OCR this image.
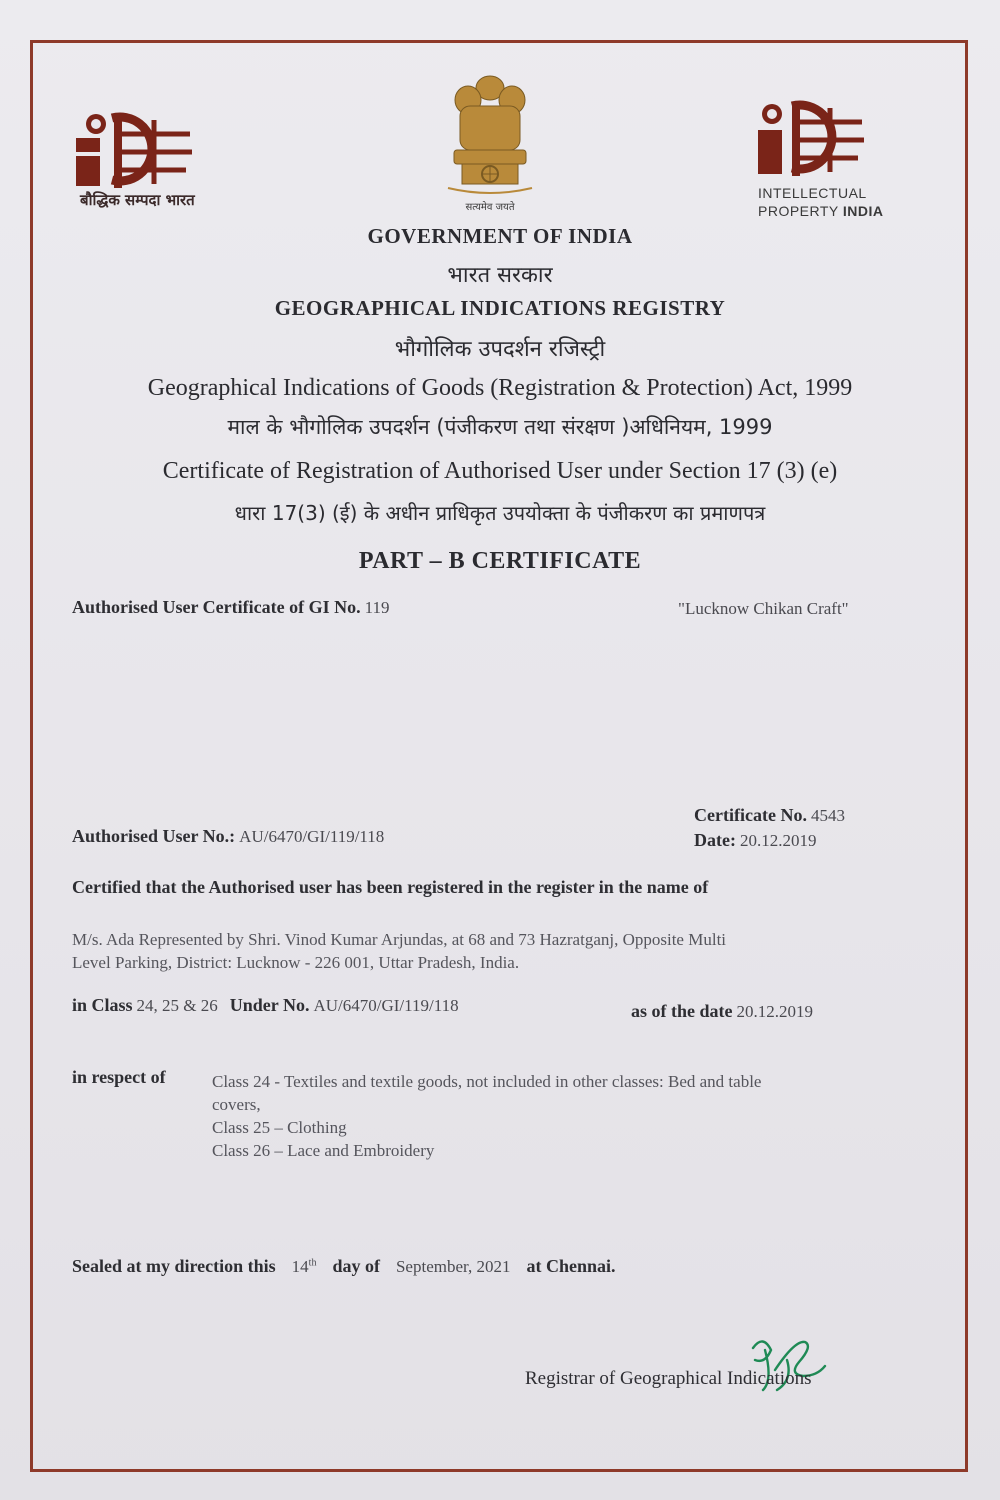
बौद्धिक सम्पदा भारत	सत्यमेव जयते
INTELLECTUAL
PROPERTY INDIA
GOVERNMENT OF INDIA
भारत सरकार
GEOGRAPHICAL INDICATIONS REGISTRY
भौगोलिक उपदर्शन रजिस्ट्री
Geographical Indications of Goods (Registration & Protection) Act, 1999
माल के भौगोलिक उपदर्शन (पंजीकरण तथा संरक्षण )अधिनियम, 1999
Certificate of Registration of Authorised User under Section 17 (3) (e)
धारा 17(3) (ई) के अधीन प्राधिकृत उपयोक्ता के पंजीकरण का प्रमाणपत्र
PART – B CERTIFICATE
Authorised User Certificate of GI No. 119	"Lucknow Chikan Craft"
Certificate No. 4543
Date: 20.12.2019
Authorised User No.: AU/6470/GI/119/118
Certified that the Authorised user has been registered in the register in the name of
M/s. Ada Represented by Shri. Vinod Kumar Arjundas, at 68 and 73 Hazratganj, Opposite Multi
Level Parking, District: Lucknow - 226 001, Uttar Pradesh, India.
in Class 24, 25 & 26 Under No. AU/6470/GI/119/118	as of the date 20.12.2019
in respect of	Class 24 - Textiles and textile goods, not included in other classes: Bed and table
covers,
Class 25 – Clothing
Class 26 – Lace and Embroidery
Sealed at my direction this 14th day of September, 2021 at Chennai.
Registrar of Geographical Indications
